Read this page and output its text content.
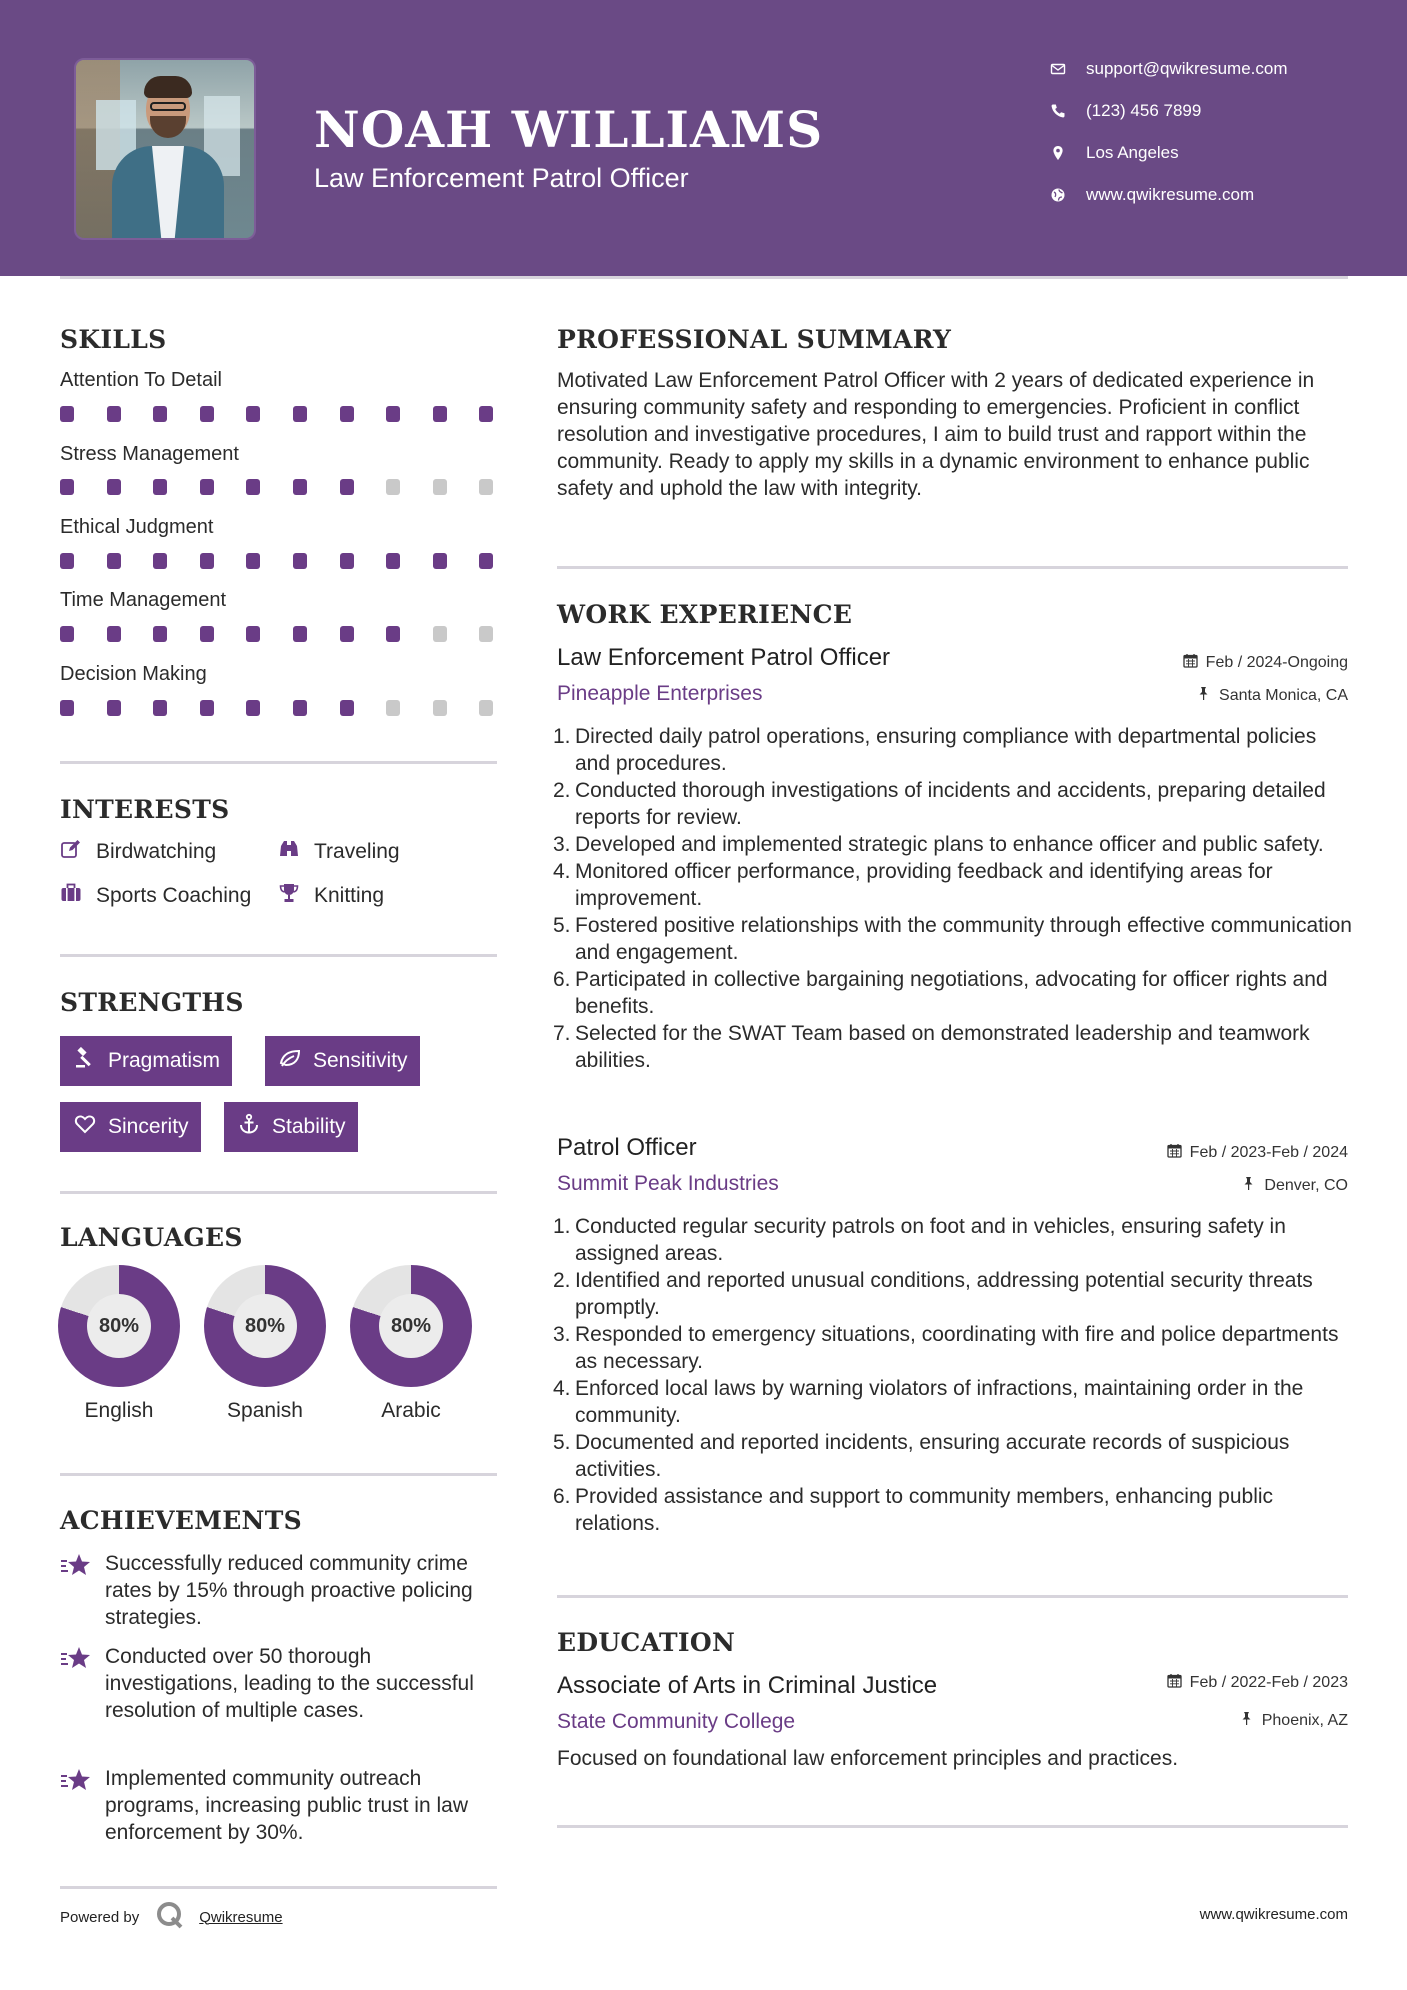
NOAH WILLIAMS
Law Enforcement Patrol Officer
support@qwikresume.com
(123) 456 7899
Los Angeles
www.qwikresume.com
SKILLS
Attention To Detail
Stress Management
Ethical Judgment
Time Management
Decision Making
INTERESTS
Birdwatching	Traveling
Sports Coaching	Knitting
STRENGTHS
Pragmatism	Sensitivity
Sincerity	Stability
LANGUAGES
80%
English
80%
Spanish
80%
Arabic
ACHIEVEMENTS
Successfully reduced community crime rates by 15% through proactive policing strategies.
Conducted over 50 thorough investigations, leading to the successful resolution of multiple cases.
Implemented community outreach programs, increasing public trust in law enforcement by 30%.
PROFESSIONAL SUMMARY
Motivated Law Enforcement Patrol Officer with 2 years of dedicated experience in ensuring community safety and responding to emergencies. Proficient in conflict resolution and investigative procedures, I aim to build trust and rapport within the community. Ready to apply my skills in a dynamic environment to enhance public safety and uphold the law with integrity.
WORK EXPERIENCE
Law Enforcement Patrol Officer	Feb / 2024-Ongoing
Pineapple Enterprises	Santa Monica, CA
1. Directed daily patrol operations, ensuring compliance with departmental policies and procedures.
2. Conducted thorough investigations of incidents and accidents, preparing detailed reports for review.
3. Developed and implemented strategic plans to enhance officer and public safety.
4. Monitored officer performance, providing feedback and identifying areas for improvement.
5. Fostered positive relationships with the community through effective communication and engagement.
6. Participated in collective bargaining negotiations, advocating for officer rights and benefits.
7. Selected for the SWAT Team based on demonstrated leadership and teamwork abilities.
Patrol Officer	Feb / 2023-Feb / 2024
Summit Peak Industries	Denver, CO
1. Conducted regular security patrols on foot and in vehicles, ensuring safety in assigned areas.
2. Identified and reported unusual conditions, addressing potential security threats promptly.
3. Responded to emergency situations, coordinating with fire and police departments as necessary.
4. Enforced local laws by warning violators of infractions, maintaining order in the community.
5. Documented and reported incidents, ensuring accurate records of suspicious activities.
6. Provided assistance and support to community members, enhancing public relations.
EDUCATION
Associate of Arts in Criminal Justice	Feb / 2022-Feb / 2023
State Community College	Phoenix, AZ
Focused on foundational law enforcement principles and practices.
Powered by	Qwikresume	www.qwikresume.com
